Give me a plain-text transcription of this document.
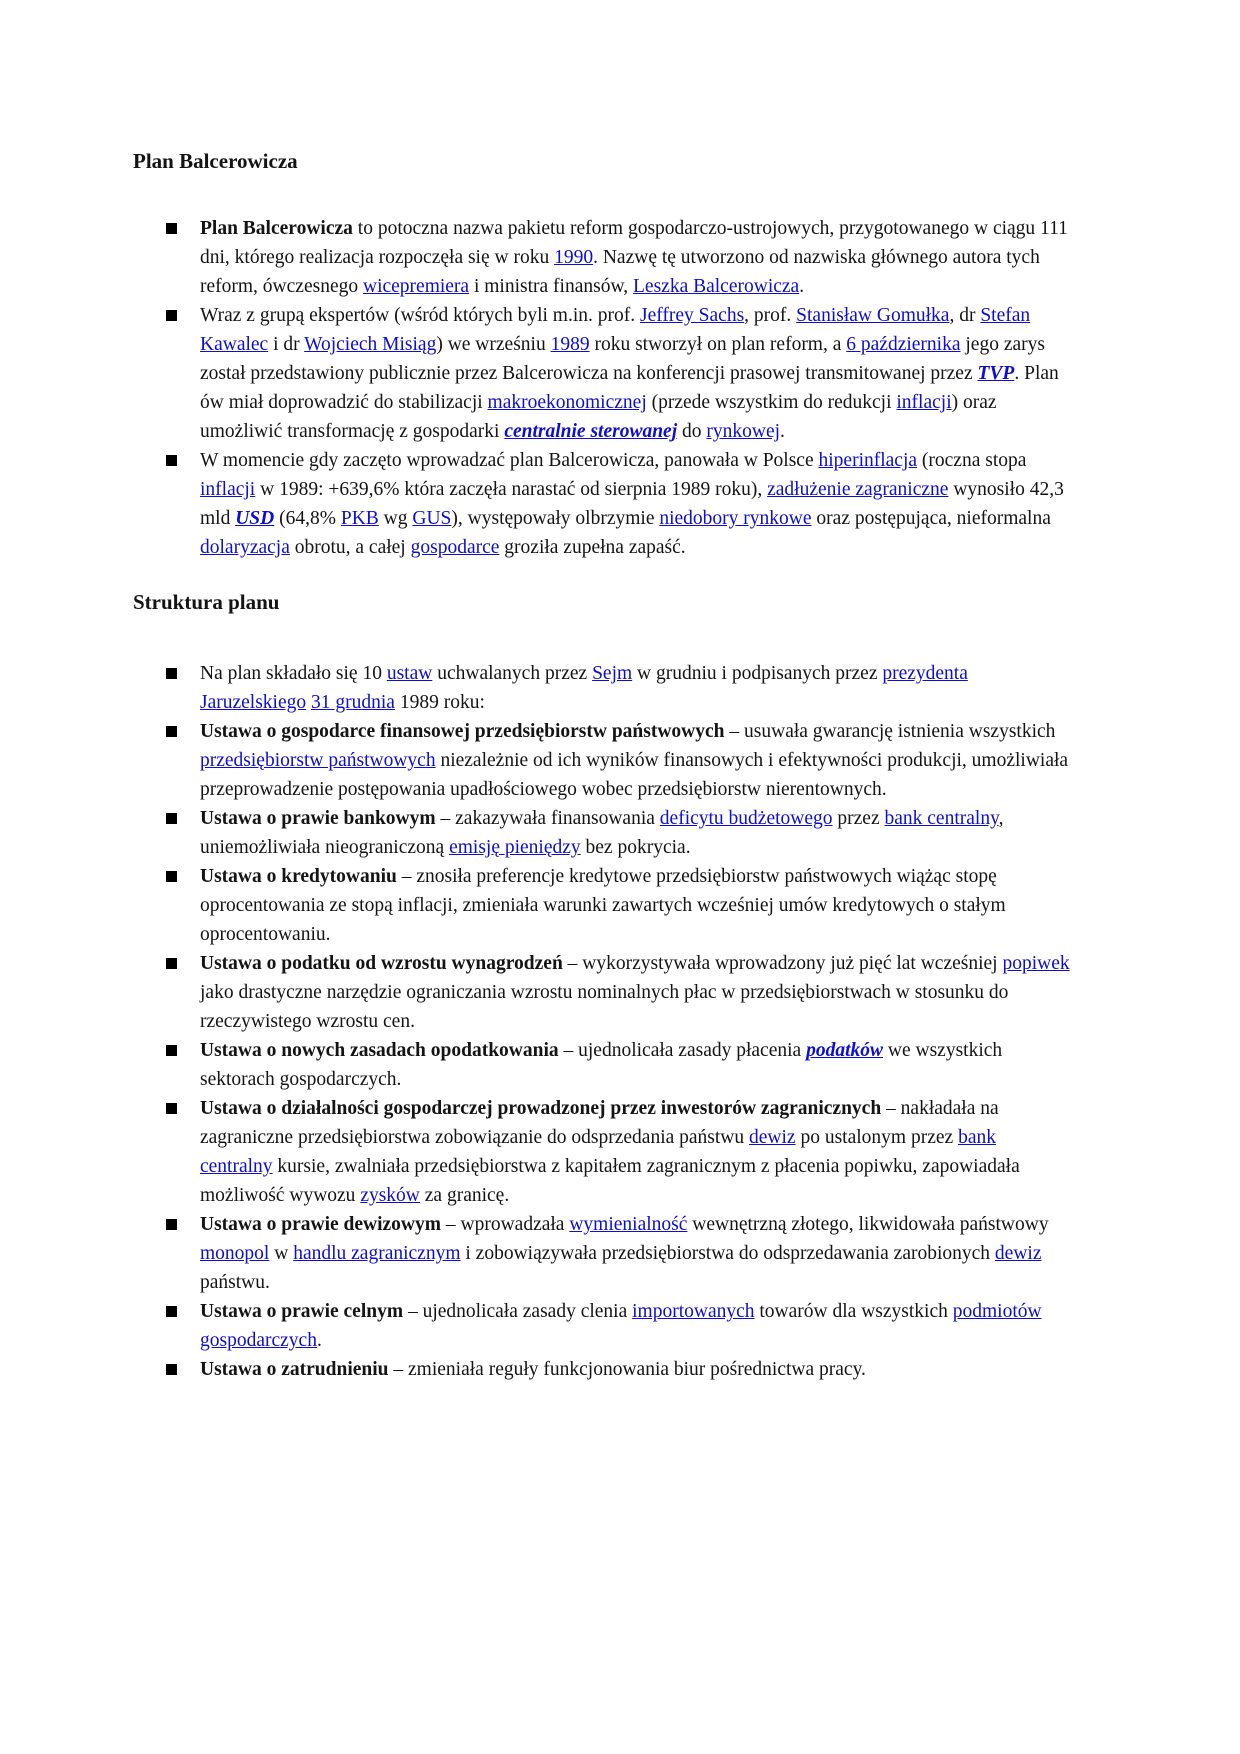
Plan Balcerowicza
Plan Balcerowicza to potoczna nazwa pakietu reform gospodarczo-ustrojowych, przygotowanego w ciągu 111 dni, którego realizacja rozpoczęła się w roku 1990. Nazwę tę utworzono od nazwiska głównego autora tych reform, ówczesnego wicepremiera i ministra finansów, Leszka Balcerowicza.
Wraz z grupą ekspertów (wśród których byli m.in. prof. Jeffrey Sachs, prof. Stanisław Gomułka, dr Stefan Kawalec i dr Wojciech Misiąg) we wrześniu 1989 roku stworzył on plan reform, a 6 października jego zarys został przedstawiony publicznie przez Balcerowicza na konferencji prasowej transmitowanej przez TVP. Plan ów miał doprowadzić do stabilizacji makroekonomicznej (przede wszystkim do redukcji inflacji) oraz umożliwić transformację z gospodarki centralnie sterowanej do rynkowej.
W momencie gdy zaczęto wprowadzać plan Balcerowicza, panowała w Polsce hiperinflacja (roczna stopa inflacji w 1989: +639,6% która zaczęła narastać od sierpnia 1989 roku), zadłużenie zagraniczne wynosiło 42,3 mld USD (64,8% PKB wg GUS), występowały olbrzymie niedobory rynkowe oraz postępująca, nieformalna dolaryzacja obrotu, a całej gospodarce groziła zupełna zapaść.
Struktura planu
Na plan składało się 10 ustaw uchwalanych przez Sejm w grudniu i podpisanych przez prezydenta Jaruzelskiego 31 grudnia 1989 roku:
Ustawa o gospodarce finansowej przedsiębiorstw państwowych – usuwała gwarancję istnienia wszystkich przedsiębiorstw państwowych niezależnie od ich wyników finansowych i efektywności produkcji, umożliwiała przeprowadzenie postępowania upadłościowego wobec przedsiębiorstw nierentownych.
Ustawa o prawie bankowym – zakazywała finansowania deficytu budżetowego przez bank centralny, uniemożliwiała nieograniczoną emisję pieniędzy bez pokrycia.
Ustawa o kredytowaniu – znosiła preferencje kredytowe przedsiębiorstw państwowych wiążąc stopę oprocentowania ze stopą inflacji, zmieniała warunki zawartych wcześniej umów kredytowych o stałym oprocentowaniu.
Ustawa o podatku od wzrostu wynagrodzeń – wykorzystywała wprowadzony już pięć lat wcześniej popiwek jako drastyczne narzędzie ograniczania wzrostu nominalnych płac w przedsiębiorstwach w stosunku do rzeczywistego wzrostu cen.
Ustawa o nowych zasadach opodatkowania – ujednolicała zasady płacenia podatków we wszystkich sektorach gospodarczych.
Ustawa o działalności gospodarczej prowadzonej przez inwestorów zagranicznych – nakładała na zagraniczne przedsiębiorstwa zobowiązanie do odsprzedania państwu dewiz po ustalonym przez bank centralny kursie, zwalniała przedsiębiorstwa z kapitałem zagranicznym z płacenia popiwku, zapowiadała możliwość wywozu zysków za granicę.
Ustawa o prawie dewizowym – wprowadzała wymienialność wewnętrzną złotego, likwidowała państwowy monopol w handlu zagranicznym i zobowiązywała przedsiębiorstwa do odsprzedawania zarobionych dewiz państwu.
Ustawa o prawie celnym – ujednolicała zasady clenia importowanych towarów dla wszystkich podmiotów gospodarczych.
Ustawa o zatrudnieniu – zmieniała reguły funkcjonowania biur pośrednictwa pracy.
